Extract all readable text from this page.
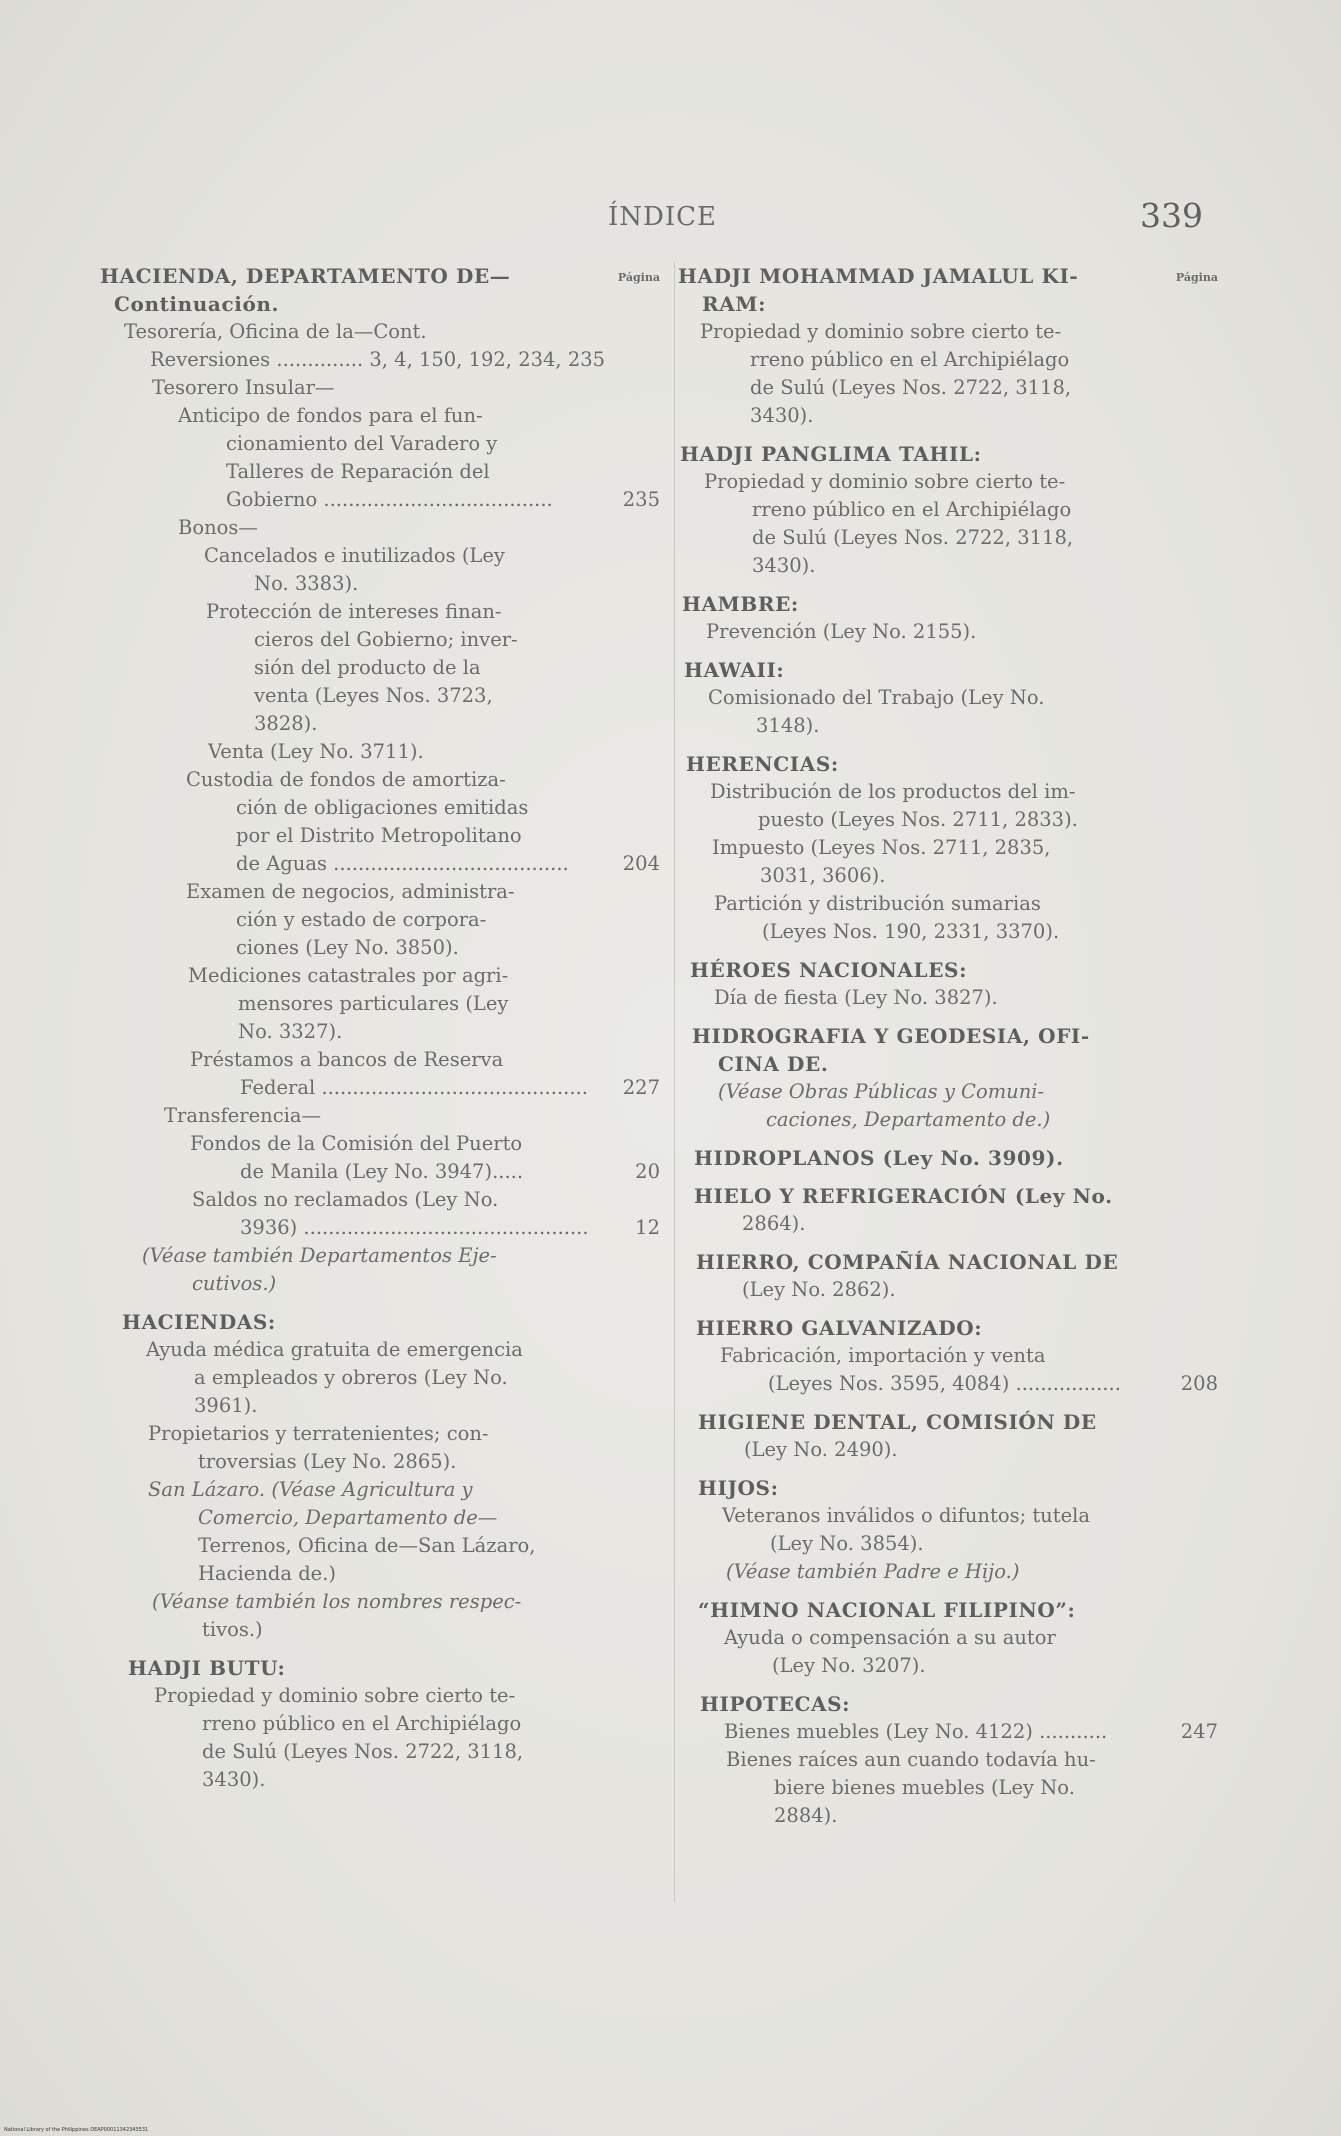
ÍNDICE	339
HACIENDA, DEPARTAMENTO DE—	Página
Continuación.
Tesorería, Oficina de la—Cont.
Reversiones .............. 3, 4, 150, 192, 234, 235
Tesorero Insular—
Anticipo de fondos para el fun-
cionamiento del Varadero y
Talleres de Reparación del
Gobierno .....................................	235
Bonos—
Cancelados e inutilizados (Ley
No. 3383).
Protección de intereses finan-
cieros del Gobierno; inver-
sión del producto de la
venta (Leyes Nos. 3723,
3828).
Venta (Ley No. 3711).
Custodia de fondos de amortiza-
ción de obligaciones emitidas
por el Distrito Metropolitano
de Aguas ......................................	204
Examen de negocios, administra-
ción y estado de corpora-
ciones (Ley No. 3850).
Mediciones catastrales por agri-
mensores particulares (Ley
No. 3327).
Préstamos a bancos de Reserva
Federal ........................................... 227
Transferencia—
Fondos de la Comisión del Puerto
de Manila (Ley No. 3947).....	20
Saldos no reclamados (Ley No.
3936) .............................................. 12
(Véase también Departamentos Eje-
cutivos.)
HACIENDAS:
Ayuda médica gratuita de emergencia
a empleados y obreros (Ley No.
3961).
Propietarios y terratenientes; con-
troversias (Ley No. 2865).
San Lázaro. (Véase Agricultura y
Comercio, Departamento de—
Terrenos, Oficina de—San Lázaro,
Hacienda de.)
(Véanse también los nombres respec-
tivos.)
HADJI BUTU:
Propiedad y dominio sobre cierto te-
rreno público en el Archipiélago
de Sulú (Leyes Nos. 2722, 3118,
3430).
HADJI MOHAMMAD JAMALUL KI-	Página
RAM:
Propiedad y dominio sobre cierto te-
rreno público en el Archipiélago
de Sulú (Leyes Nos. 2722, 3118,
3430).
HADJI PANGLIMA TAHIL:
Propiedad y dominio sobre cierto te-
rreno público en el Archipiélago
de Sulú (Leyes Nos. 2722, 3118,
3430).
HAMBRE:
Prevención (Ley No. 2155).
HAWAII:
Comisionado del Trabajo (Ley No.
3148).
HERENCIAS:
Distribución de los productos del im-
puesto (Leyes Nos. 2711, 2833).
Impuesto (Leyes Nos. 2711, 2835,
3031, 3606).
Partición y distribución sumarias
(Leyes Nos. 190, 2331, 3370).
HÉROES NACIONALES:
Día de fiesta (Ley No. 3827).
HIDROGRAFIA Y GEODESIA, OFI-
CINA DE.
(Véase Obras Públicas y Comuni-
caciones, Departamento de.)
HIDROPLANOS (Ley No. 3909).
HIELO Y REFRIGERACIÓN (Ley No.
2864).
HIERRO, COMPAÑÍA NACIONAL DE
(Ley No. 2862).
HIERRO GALVANIZADO:
Fabricación, importación y venta
(Leyes Nos. 3595, 4084) .................	208
HIGIENE DENTAL, COMISIÓN DE
(Ley No. 2490).
HIJOS:
Veteranos inválidos o difuntos; tutela
(Ley No. 3854).
(Véase también Padre e Hijo.)
“HIMNO NACIONAL FILIPINO”:
Ayuda o compensación a su autor
(Ley No. 3207).
HIPOTECAS:
Bienes muebles (Ley No. 4122) ...........	247
Bienes raíces aun cuando todavía hu-
biere bienes muebles (Ley No.
2884).
National Library of the Philippines DEAP00011342343531
